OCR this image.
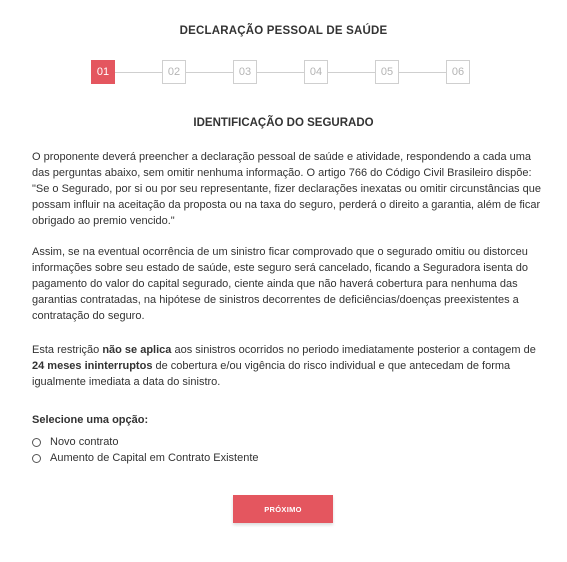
DECLARAÇÃO PESSOAL DE SAÚDE
01	02	03	04	05	06
IDENTIFICAÇÃO DO SEGURADO

O proponente deverá preencher a declaração pessoal de saúde e atividade, respondendo a cada uma das perguntas abaixo, sem omitir nenhuma informação. O artigo 766 do Código Civil Brasileiro dispõe: "Se o Segurado, por si ou por seu representante, fizer declarações inexatas ou omitir circunstâncias que possam influir na aceitação da proposta ou na taxa do seguro, perderá o direito a garantia, além de ficar obrigado ao premio vencido."

Assim, se na eventual ocorrência de um sinistro ficar comprovado que o segurado omitiu ou distorceu informações sobre seu estado de saúde, este seguro será cancelado, ficando a Seguradora isenta do pagamento do valor do capital segurado, ciente ainda que não haverá cobertura para nenhuma das garantias contratadas, na hipótese de sinistros decorrentes de deficiências/doenças preexistentes a contratação do seguro.

Esta restrição não se aplica aos sinistros ocorridos no periodo imediatamente posterior a contagem de 24 meses ininterruptos de cobertura e/ou vigência do risco individual e que antecedam de forma igualmente imediata a data do sinistro.

Selecione uma opção:
Novo contrato
Aumento de Capital em Contrato Existente
PRÓXIMO
